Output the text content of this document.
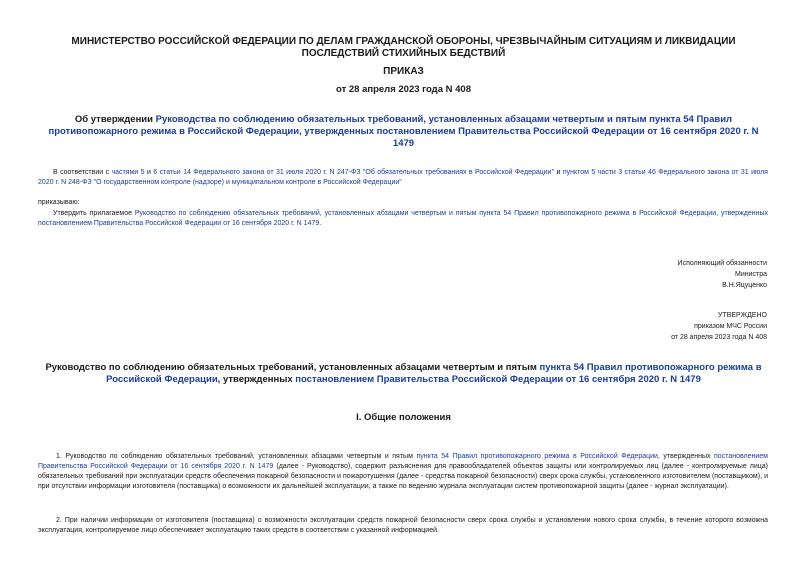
МИНИСТЕРСТВО РОССИЙСКОЙ ФЕДЕРАЦИИ ПО ДЕЛАМ ГРАЖДАНСКОЙ ОБОРОНЫ, ЧРЕЗВЫЧАЙНЫМ СИТУАЦИЯМ И ЛИКВИДАЦИИ ПОСЛЕДСТВИЙ СТИХИЙНЫХ БЕДСТВИЙ
ПРИКАЗ
от 28 апреля 2023 года N 408
Об утверждении Руководства по соблюдению обязательных требований, установленных абзацами четвертым и пятым пункта 54 Правил противопожарного режима в Российской Федерации, утвержденных постановлением Правительства Российской Федерации от 16 сентября 2020 г. N 1479
В соответствии с частями 5 и 6 статьи 14 Федерального закона от 31 июля 2020 г. N 247-ФЗ "Об обязательных требованиях в Российской Федерации" и пунктом 5 части 3 статьи 46 Федерального закона от 31 июля 2020 г. N 248-ФЗ "О государственном контроле (надзоре) и муниципальном контроле в Российской Федерации"
приказываю:
Утвердить прилагаемое Руководство по соблюдению обязательных требований, установленных абзацами четвертым и пятым пункта 54 Правил противопожарного режима в Российской Федерации, утвержденных постановлением Правительства Российской Федерации от 16 сентября 2020 г. N 1479.
Исполняющий обязанности
Министра
В.Н.Яцуценко
УТВЕРЖДЕНО
приказом МЧС России
от 28 апреля 2023 года N 408
Руководство по соблюдению обязательных требований, установленных абзацами четвертым и пятым пункта 54 Правил противопожарного режима в Российской Федерации, утвержденных постановлением Правительства Российской Федерации от 16 сентября 2020 г. N 1479
I. Общие положения
1. Руководство по соблюдению обязательных требований, установленных абзацами четвертым и пятым пункта 54 Правил противопожарного режима в Российской Федерации, утвержденных постановлением Правительства Российской Федерации от 16 сентября 2020 г. N 1479 (далее - Руководство), содержит разъяснения для правообладателей объектов защиты или контролируемых лиц (далее - контролируемые лица) обязательных требований при эксплуатации средств обеспечения пожарной безопасности и пожаротушения (далее - средства пожарной безопасности) сверх срока службы, установленного изготовителем (поставщиком), и при отсутствии информации изготовителя (поставщика) о возможности их дальнейшей эксплуатации, а также по ведению журнала эксплуатации систем противопожарной защиты (далее - журнал эксплуатации).
2. При наличии информации от изготовителя (поставщика) о возможности эксплуатации средств пожарной безопасности сверх срока службы и установлении нового срока службы, в течение которого возможна эксплуатация, контролируемое лицо обеспечивает эксплуатацию таких средств в соответствии с указанной информацией.
